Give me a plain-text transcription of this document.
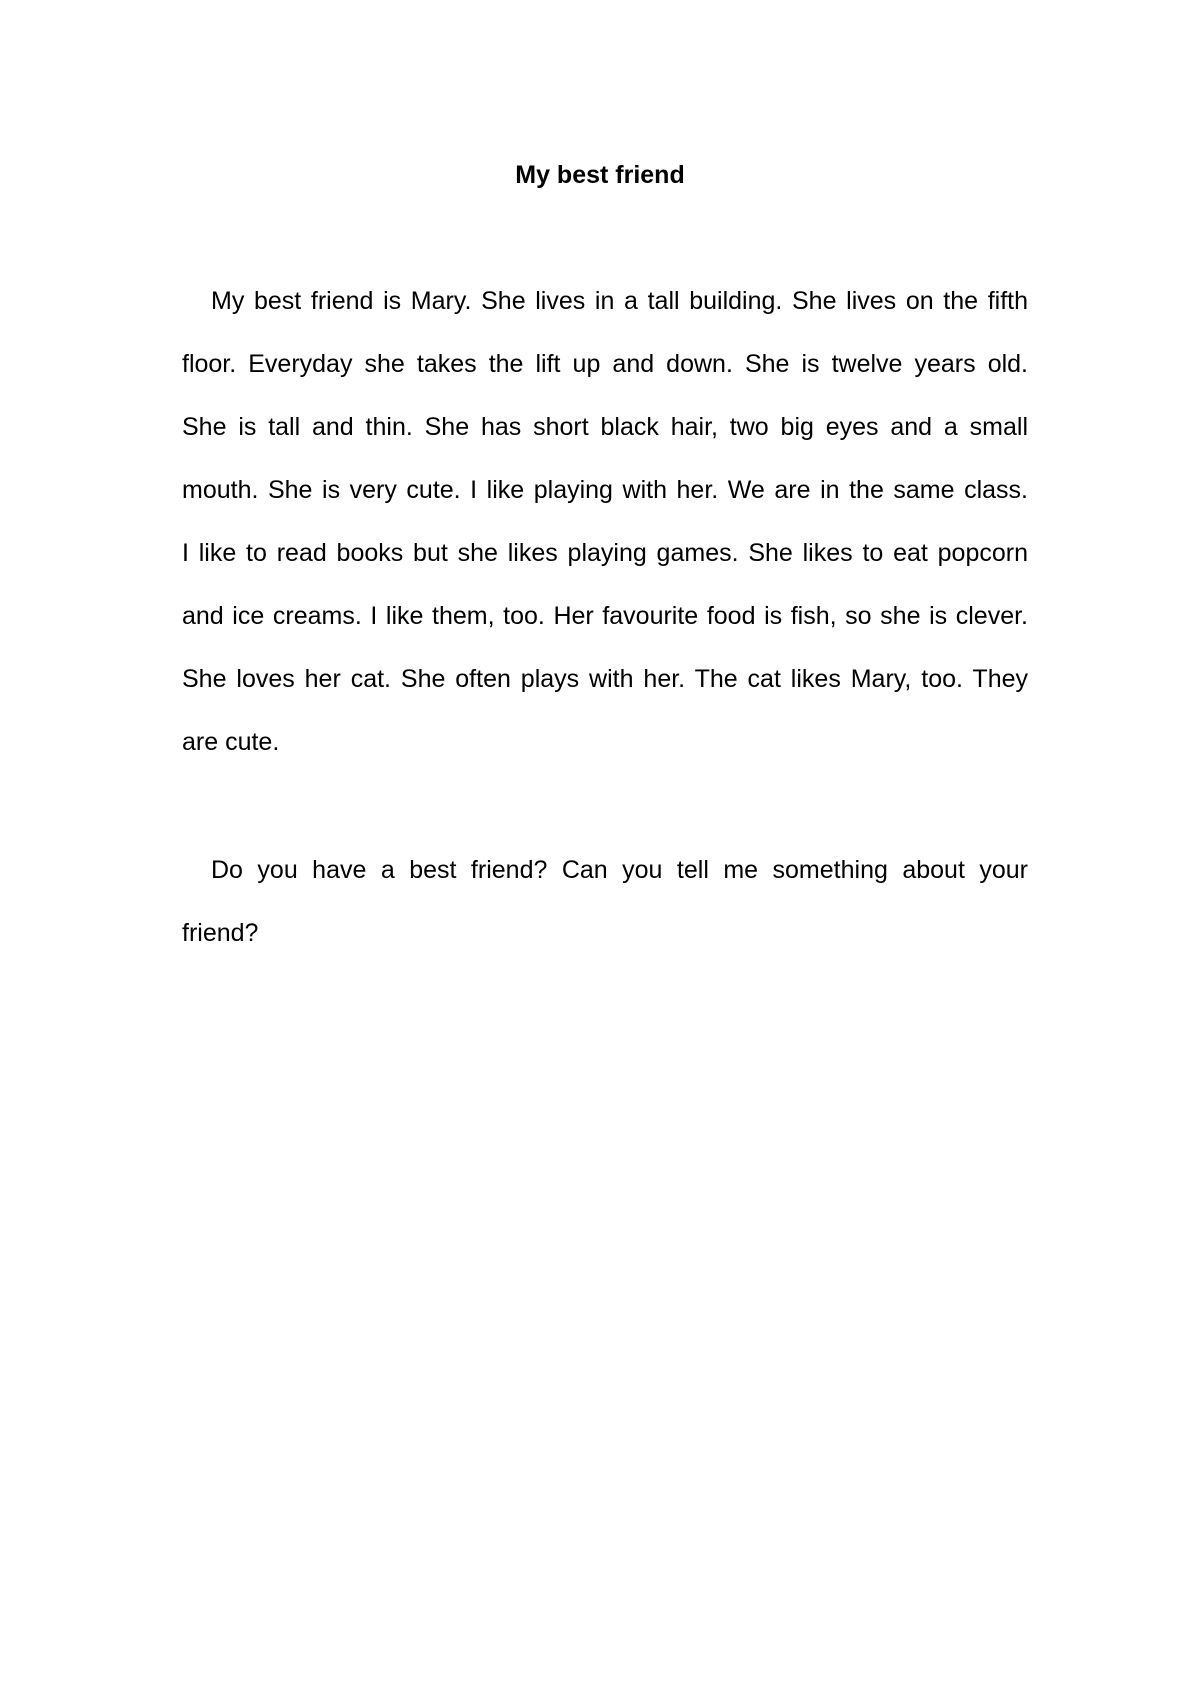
My best friend

My best friend is Mary. She lives in a tall building. She lives on the fifth
floor. Everyday she takes the lift up and down. She is twelve years old.
She is tall and thin. She has short black hair, two big eyes and a small
mouth. She is very cute. I like playing with her. We are in the same class.
I like to read books but she likes playing games. She likes to eat popcorn
and ice creams. I like them, too. Her favourite food is fish, so she is clever.
She loves her cat. She often plays with her. The cat likes Mary, too. They
are cute.

Do you have a best friend? Can you tell me something about your
friend?
